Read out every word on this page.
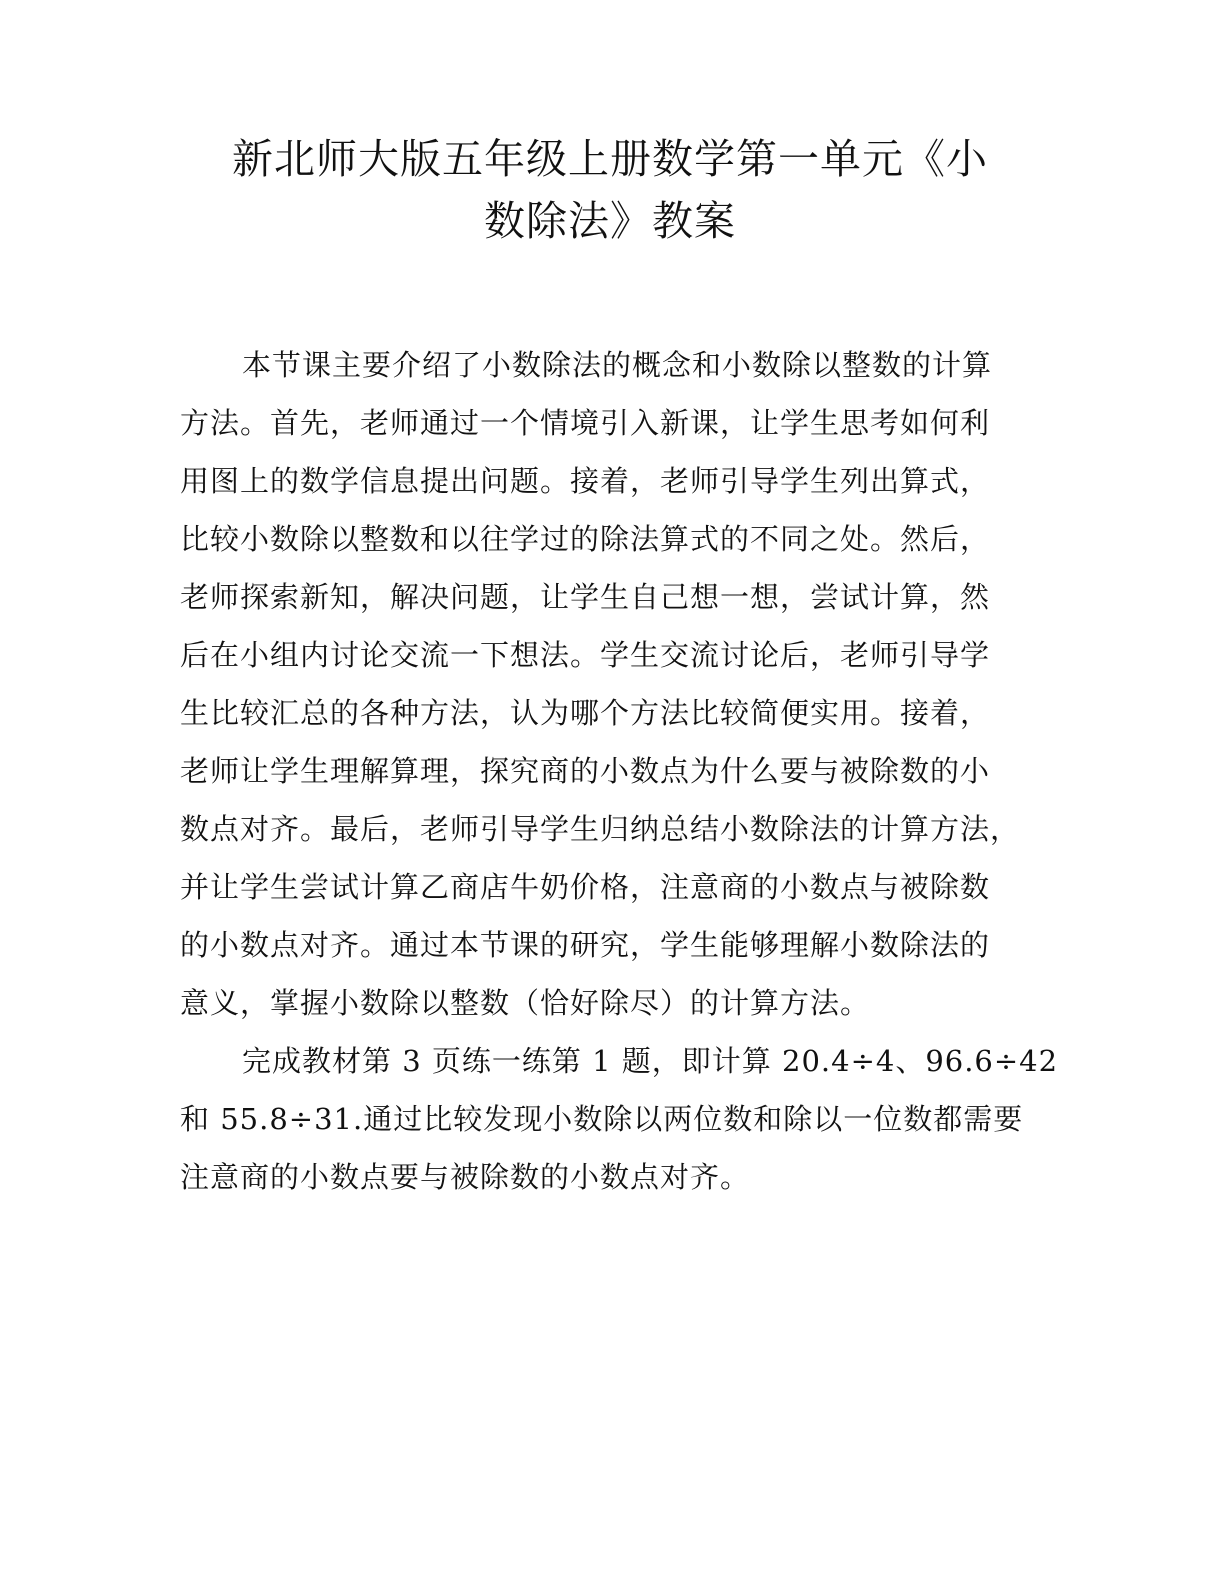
新北师大版五年级上册数学第一单元《小
数除法》教案
本节课主要介绍了小数除法的概念和小数除以整数的计算
方法。首先，老师通过一个情境引入新课，让学生思考如何利
用图上的数学信息提出问题。接着，老师引导学生列出算式，
比较小数除以整数和以往学过的除法算式的不同之处。然后，
老师探索新知，解决问题，让学生自己想一想，尝试计算，然
后在小组内讨论交流一下想法。学生交流讨论后，老师引导学
生比较汇总的各种方法，认为哪个方法比较简便实用。接着，
老师让学生理解算理，探究商的小数点为什么要与被除数的小
数点对齐。最后，老师引导学生归纳总结小数除法的计算方法，
并让学生尝试计算乙商店牛奶价格，注意商的小数点与被除数
的小数点对齐。通过本节课的研究，学生能够理解小数除法的
意义，掌握小数除以整数（恰好除尽）的计算方法。
完成教材第 3 页练一练第 1 题，即计算 20.4÷4、96.6÷42
和 55.8÷31.通过比较发现小数除以两位数和除以一位数都需要
注意商的小数点要与被除数的小数点对齐。
